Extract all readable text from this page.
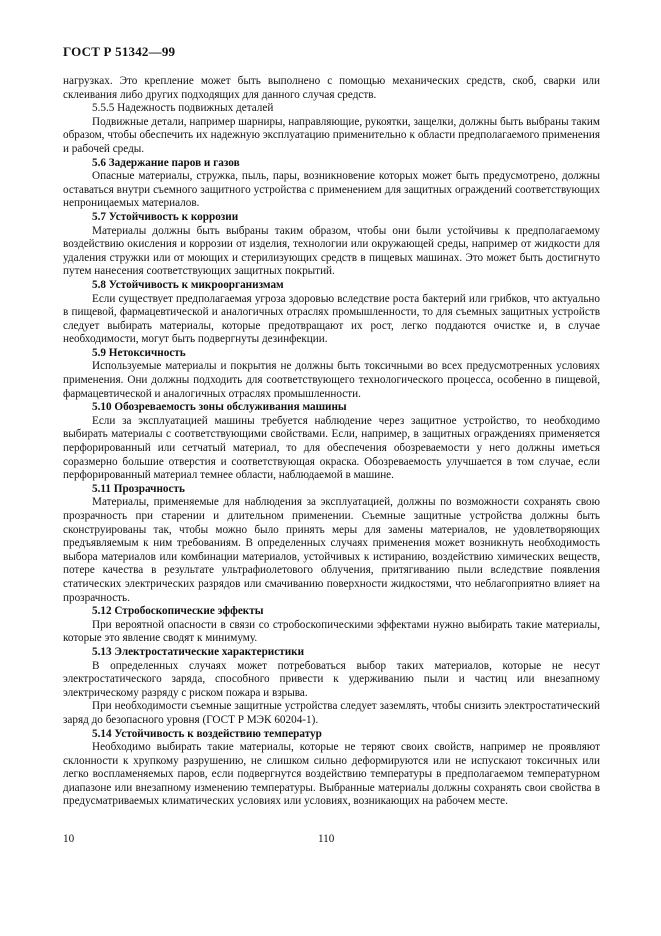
ГОСТ Р 51342—99

нагрузках. Это крепление может быть выполнено с помощью механических средств, скоб, сварки или склеивания либо других подходящих для данного случая средств.

5.5.5 Надежность подвижных деталей

Подвижные детали, например шарниры, направляющие, рукоятки, защелки, должны быть выбраны таким образом, чтобы обеспечить их надежную эксплуатацию применительно к области предполагаемого применения и рабочей среды.

5.6 Задержание паров и газов

Опасные материалы, стружка, пыль, пары, возникновение которых может быть предусмотрено, должны оставаться внутри съемного защитного устройства с применением для защитных ограждений соответствующих непроницаемых материалов.

5.7 Устойчивость к коррозии

Материалы должны быть выбраны таким образом, чтобы они были устойчивы к предполагаемому воздействию окисления и коррозии от изделия, технологии или окружающей среды, например от жидкости для удаления стружки или от моющих и стерилизующих средств в пищевых машинах. Это может быть достигнуто путем нанесения соответствующих защитных покрытий.

5.8 Устойчивость к микроорганизмам

Если существует предполагаемая угроза здоровью вследствие роста бактерий или грибков, что актуально в пищевой, фармацевтической и аналогичных отраслях промышленности, то для съемных защитных устройств следует выбирать материалы, которые предотвращают их рост, легко поддаются очистке и, в случае необходимости, могут быть подвергнуты дезинфекции.

5.9 Нетоксичность

Используемые материалы и покрытия не должны быть токсичными во всех предусмотренных условиях применения. Они должны подходить для соответствующего технологического процесса, особенно в пищевой, фармацевтической и аналогичных отраслях промышленности.

5.10 Обозреваемость зоны обслуживания машины

Если за эксплуатацией машины требуется наблюдение через защитное устройство, то необходимо выбирать материалы с соответствующими свойствами. Если, например, в защитных ограждениях применяется перфорированный или сетчатый материал, то для обеспечения обозреваемости у него должны иметься соразмерно большие отверстия и соответствующая окраска. Обозреваемость улучшается в том случае, если перфорированный материал темнее области, наблюдаемой в машине.

5.11 Прозрачность

Материалы, применяемые для наблюдения за эксплуатацией, должны по возможности сохранять свою прозрачность при старении и длительном применении. Съемные защитные устройства должны быть сконструированы так, чтобы можно было принять меры для замены материалов, не удовлетворяющих предъявляемым к ним требованиям. В определенных случаях применения может возникнуть необходимость выбора материалов или комбинации материалов, устойчивых к истиранию, воздействию химических веществ, потере качества в результате ультрафиолетового облучения, притягиванию пыли вследствие появления статических электрических разрядов или смачиванию поверхности жидкостями, что неблагоприятно влияет на прозрачность.

5.12 Стробоскопические эффекты

При вероятной опасности в связи со стробоскопическими эффектами нужно выбирать такие материалы, которые это явление сводят к минимуму.

5.13 Электростатические характеристики

В определенных случаях может потребоваться выбор таких материалов, которые не несут электростатического заряда, способного привести к удерживанию пыли и частиц или внезапному электрическому разряду с риском пожара и взрыва.

При необходимости съемные защитные устройства следует заземлять, чтобы снизить электростатический заряд до безопасного уровня (ГОСТ Р МЭК 60204-1).

5.14 Устойчивость к воздействию температур

Необходимо выбирать такие материалы, которые не теряют своих свойств, например не проявляют склонности к хрупкому разрушению, не слишком сильно деформируются или не испускают токсичных или легко воспламеняемых паров, если подвергнутся воздействию температуры в предполагаемом температурном диапазоне или внезапному изменению температуры. Выбранные материалы должны сохранять свои свойства в предусматриваемых климатических условиях или условиях, возникающих на рабочем месте.

10	110
